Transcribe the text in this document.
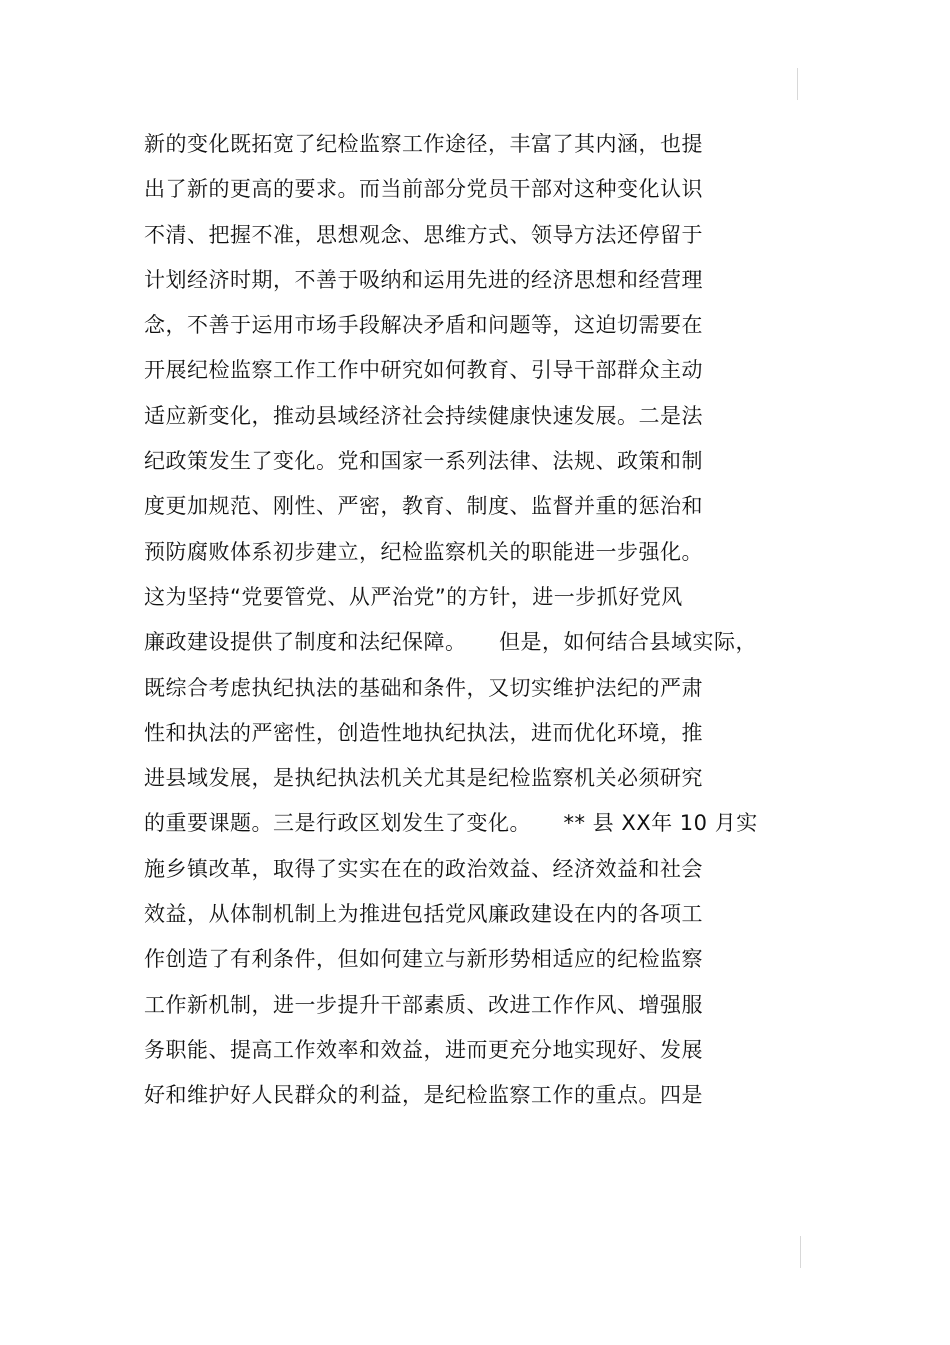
新的变化既拓宽了纪检监察工作途径，丰富了其内涵，也提
出了新的更高的要求。而当前部分党员干部对这种变化认识
不清、把握不准，思想观念、思维方式、领导方法还停留于
计划经济时期，不善于吸纳和运用先进的经济思想和经营理
念，不善于运用市场手段解决矛盾和问题等，这迫切需要在
开展纪检监察工作工作中研究如何教育、引导干部群众主动
适应新变化，推动县域经济社会持续健康快速发展。二是法
纪政策发生了变化。党和国家一系列法律、法规、政策和制
度更加规范、刚性、严密，教育、制度、监督并重的惩治和
预防腐败体系初步建立，纪检监察机关的职能进一步强化。
这为坚持“党要管党、从严治党”的方针，进一步抓好党风
廉政建设提供了制度和法纪保障。　　但是，如何结合县域实际，
既综合考虑执纪执法的基础和条件，又切实维护法纪的严肃
性和执法的严密性，创造性地执纪执法，进而优化环境，推
进县域发展，是执纪执法机关尤其是纪检监察机关必须研究
的重要课题。三是行政区划发生了变化。　　** 县 XX年 10 月实
施乡镇改革，取得了实实在在的政治效益、经济效益和社会
效益，从体制机制上为推进包括党风廉政建设在内的各项工
作创造了有利条件，但如何建立与新形势相适应的纪检监察
工作新机制，进一步提升干部素质、改进工作作风、增强服
务职能、提高工作效率和效益，进而更充分地实现好、发展
好和维护好人民群众的利益，是纪检监察工作的重点。四是
